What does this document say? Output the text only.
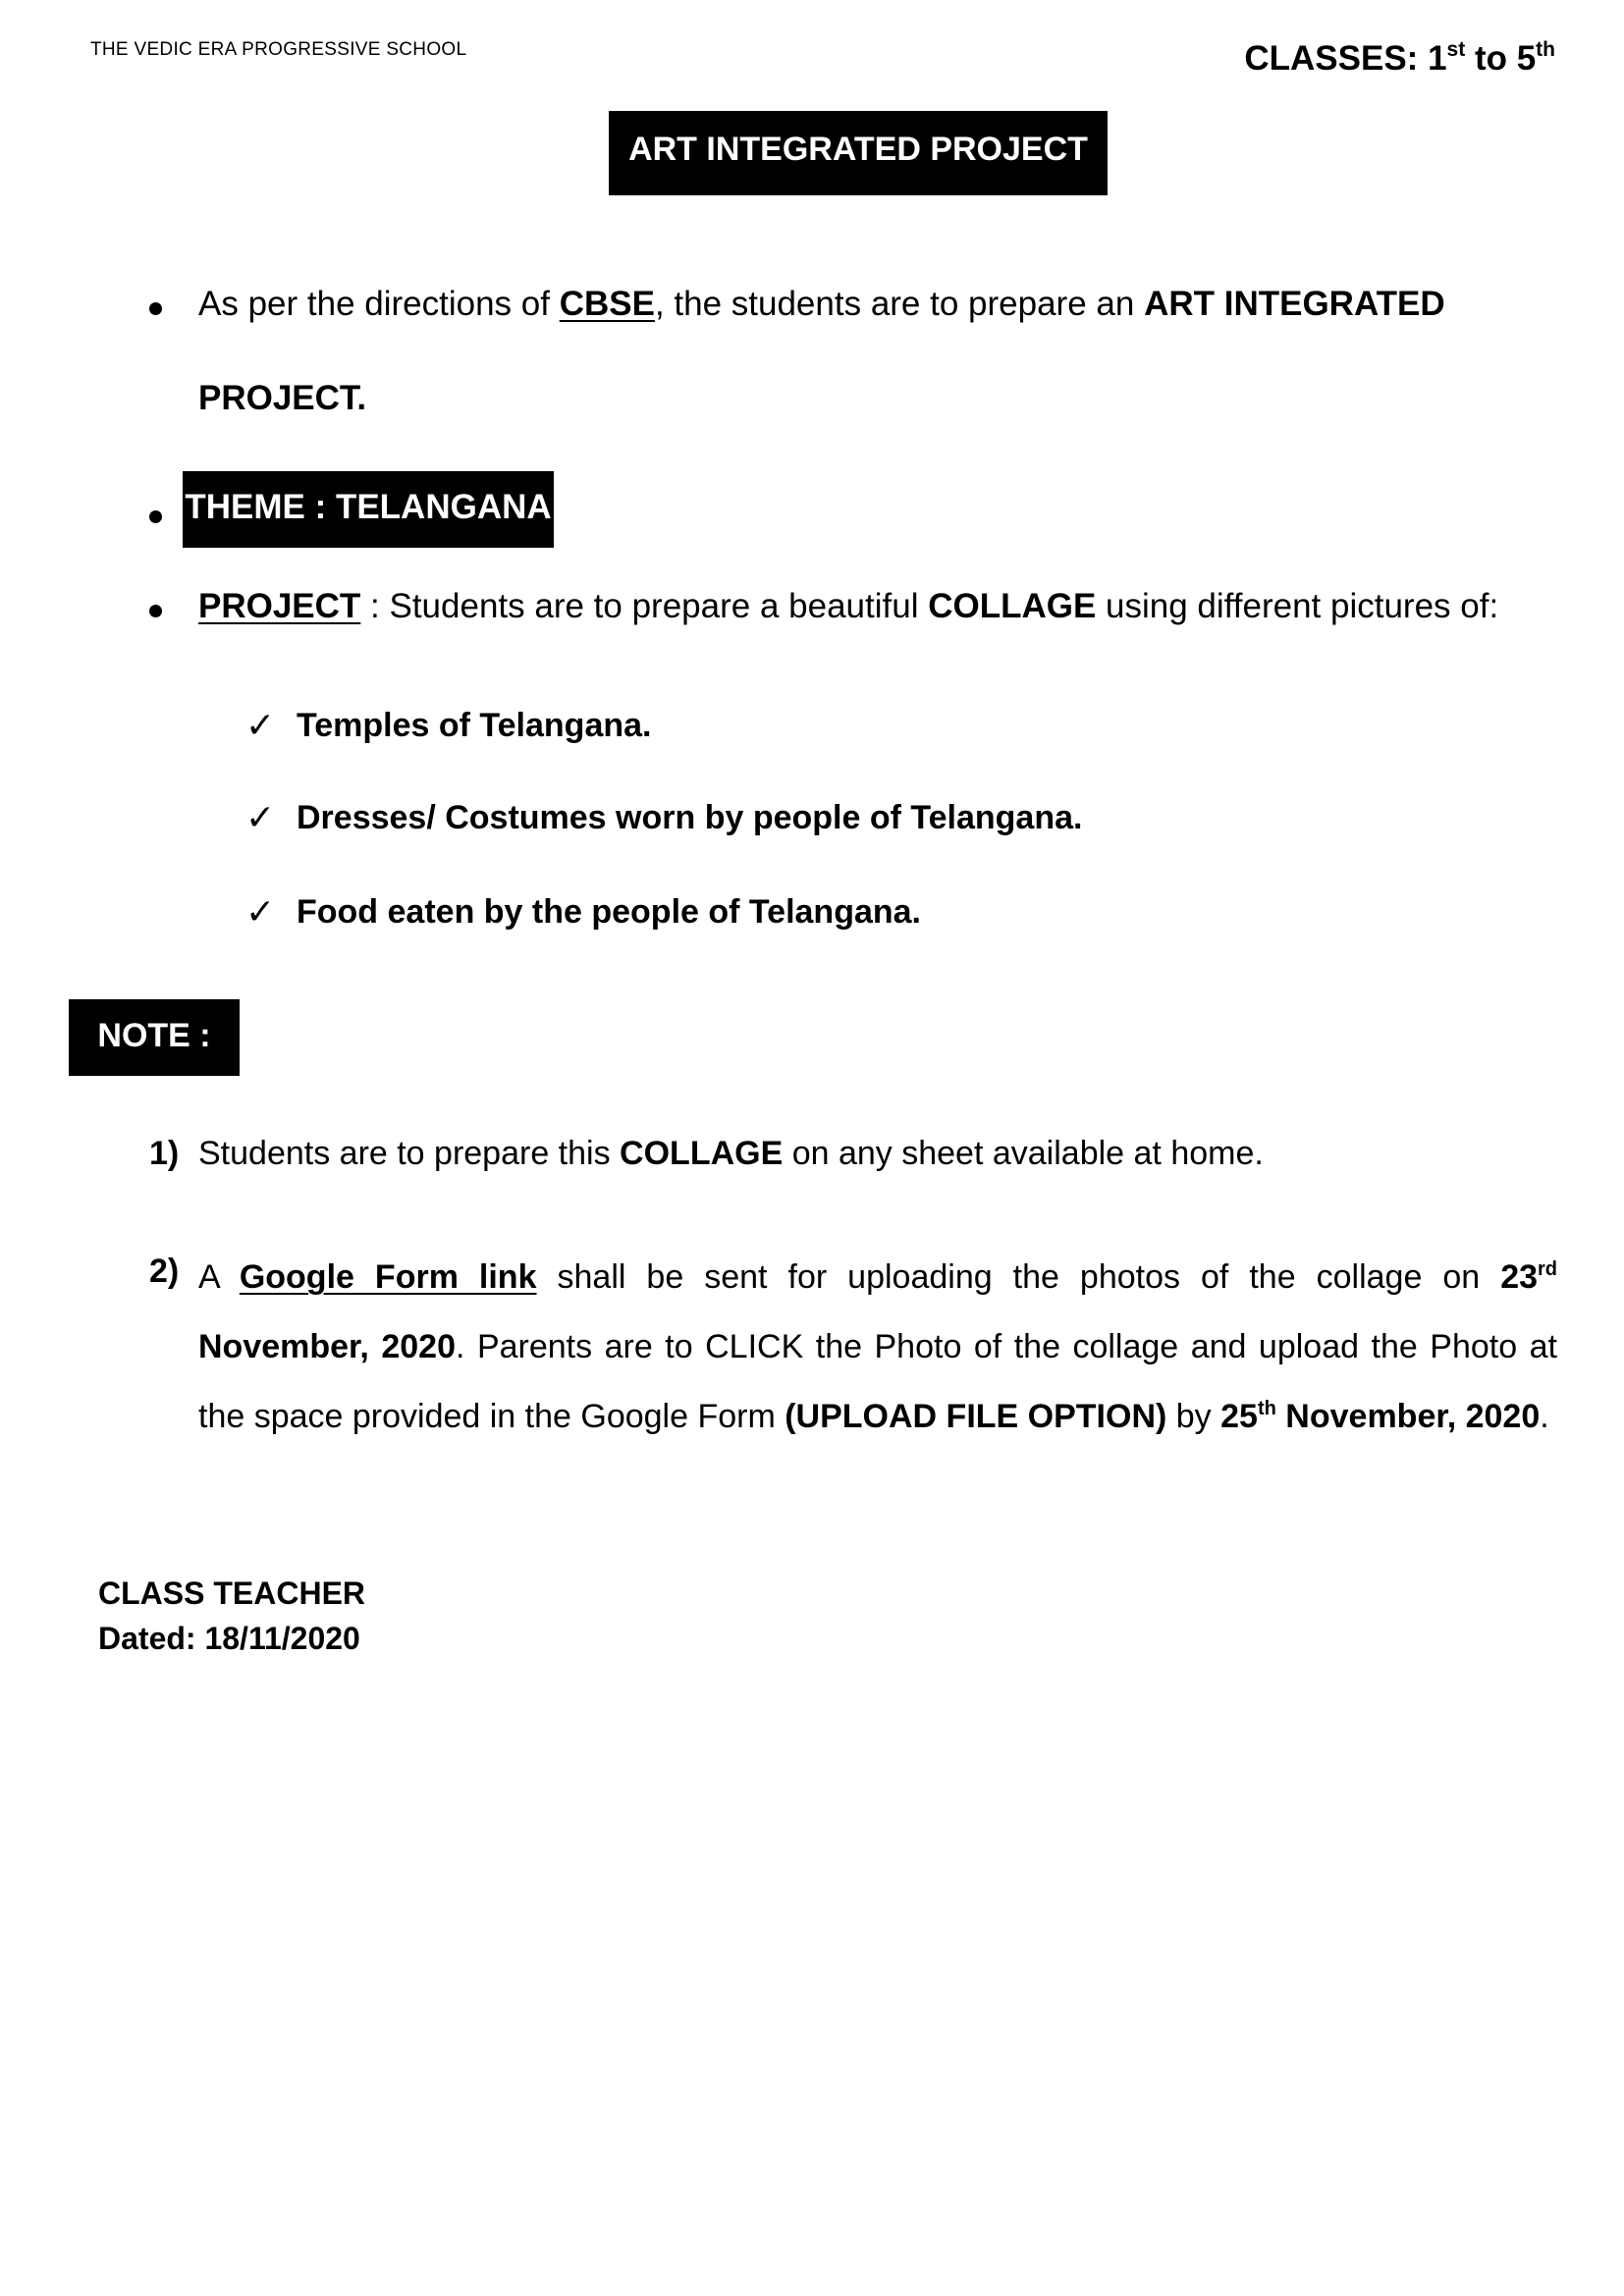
THE VEDIC ERA PROGRESSIVE SCHOOL	CLASSES: 1st to 5th
ART INTEGRATED PROJECT
As per the directions of CBSE, the students are to prepare an ART INTEGRATED
PROJECT.
THEME : TELANGANA
PROJECT : Students are to prepare a beautiful COLLAGE using different pictures of:
✓ Temples of Telangana.
✓ Dresses/ Costumes worn by people of Telangana.
✓ Food eaten by the people of Telangana.
NOTE :
1) Students are to prepare this COLLAGE on any sheet available at home.
2) A Google Form link shall be sent for uploading the photos of the collage on 23rd November, 2020. Parents are to CLICK the Photo of the collage and upload the Photo at the space provided in the Google Form (UPLOAD FILE OPTION) by 25th November, 2020.
CLASS TEACHER
Dated: 18/11/2020
